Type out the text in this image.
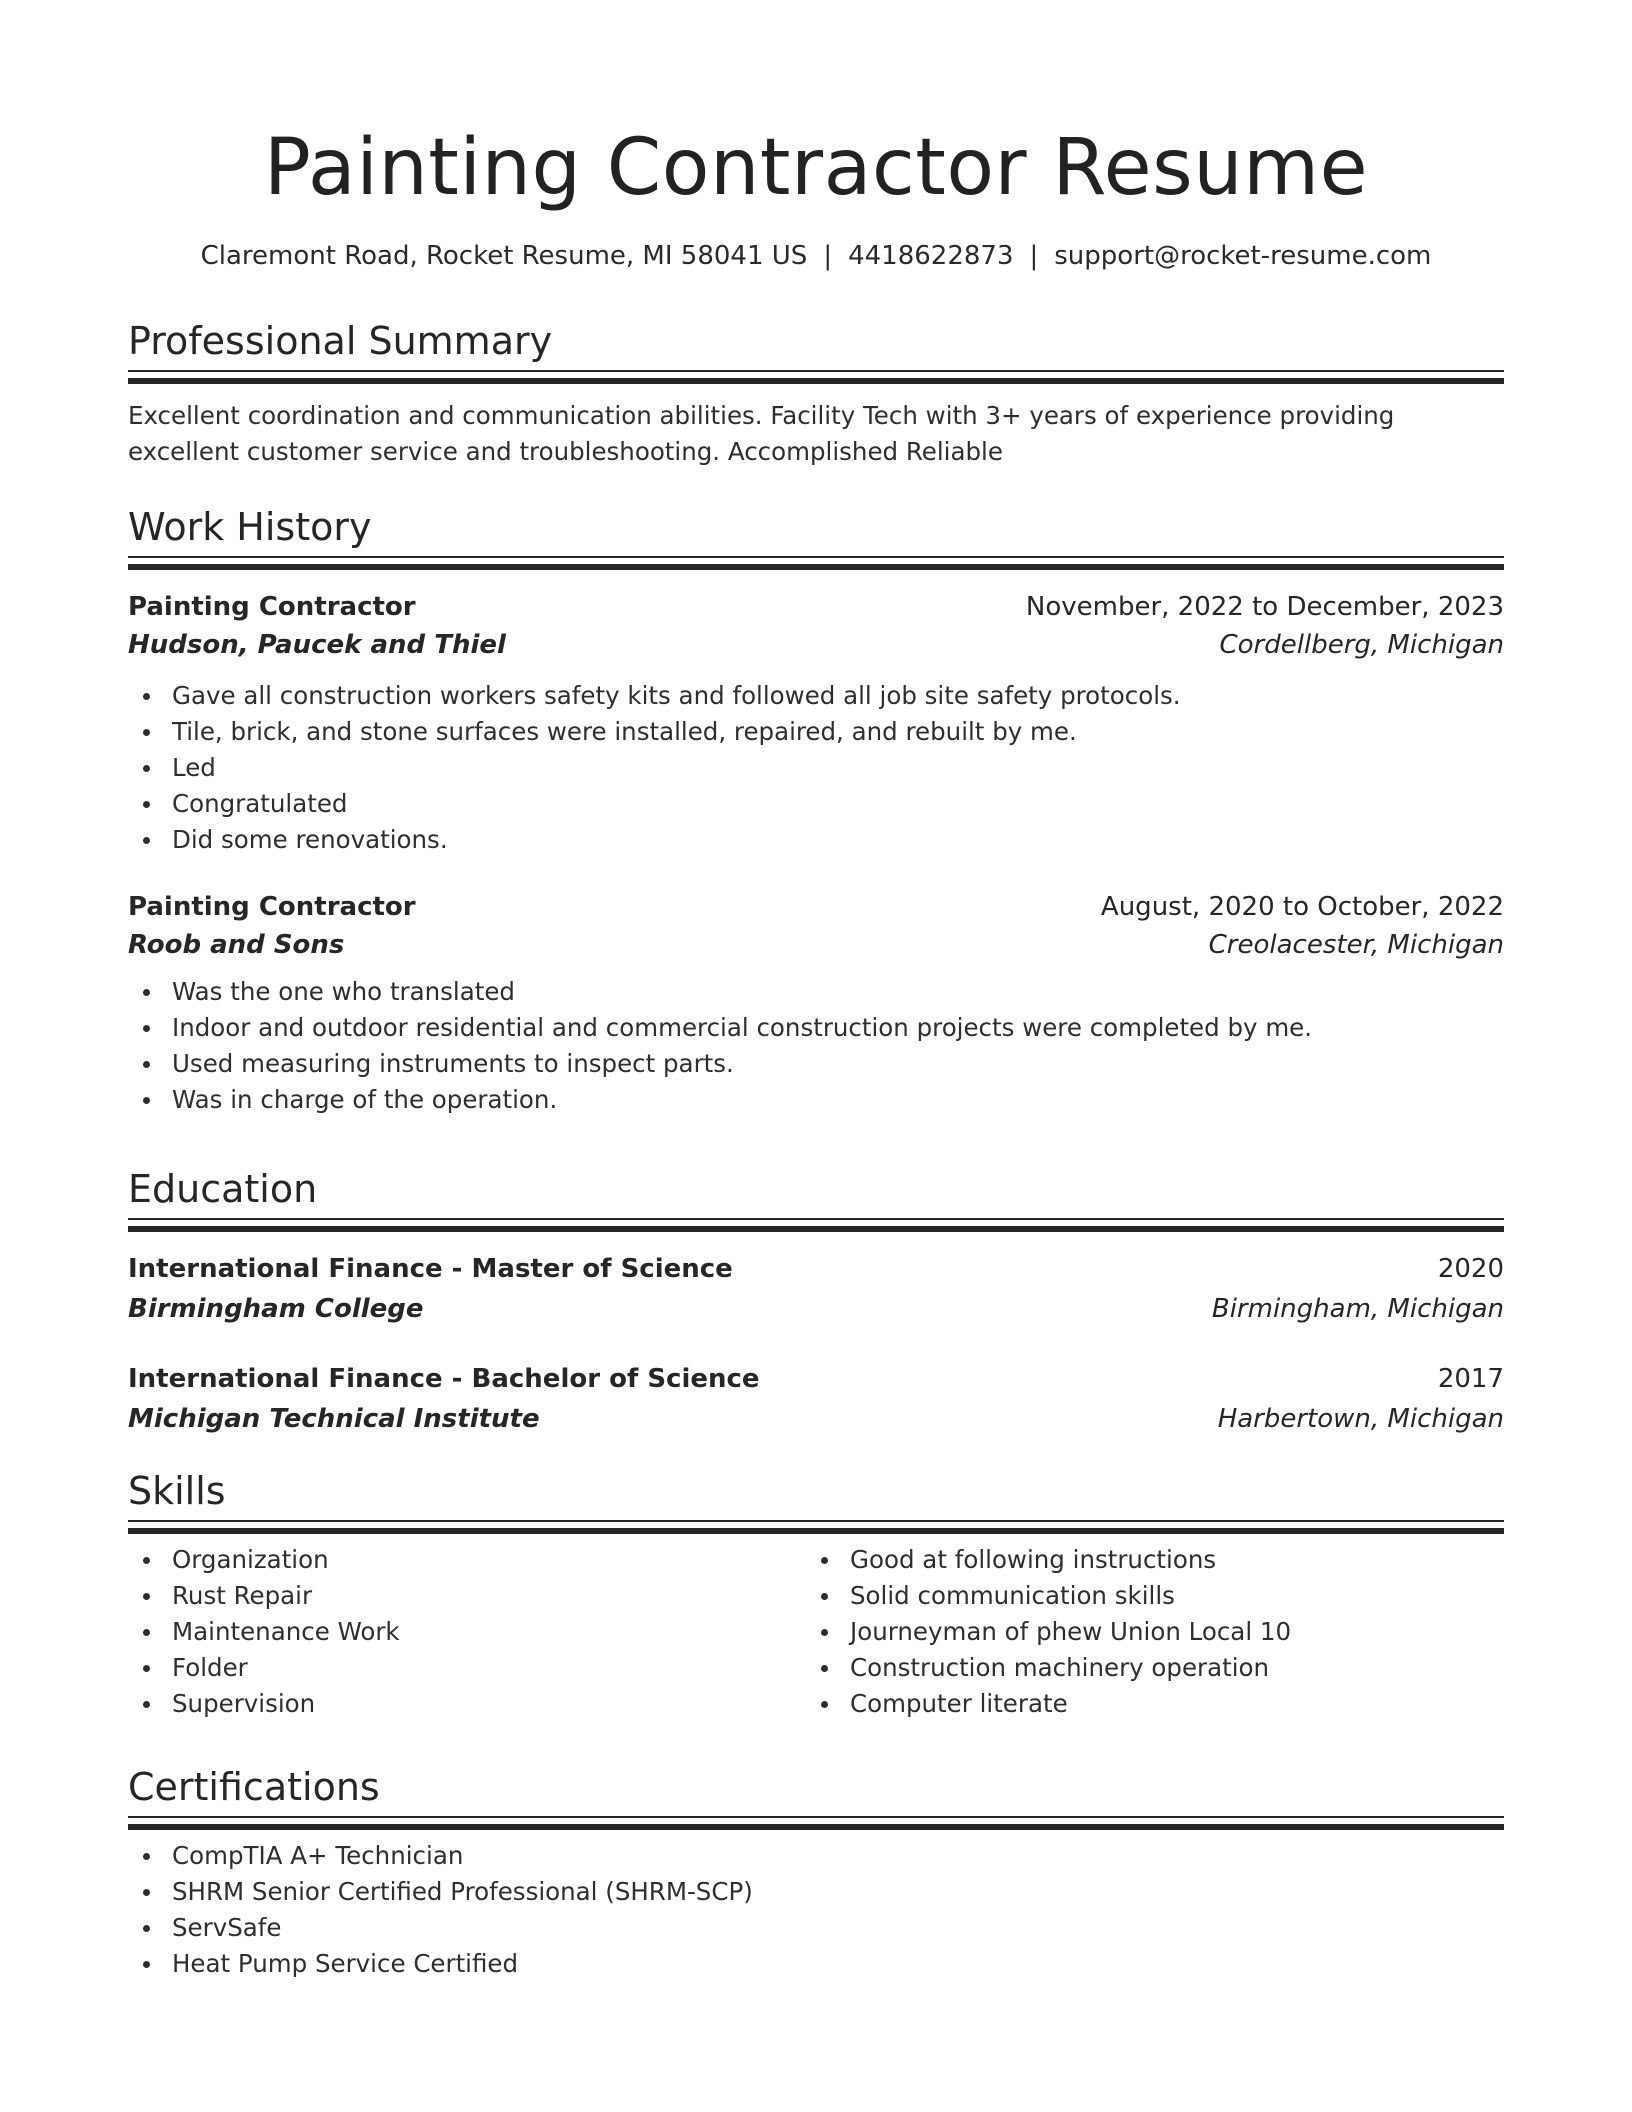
Painting Contractor Resume
Claremont Road, Rocket Resume, MI 58041 US | 4418622873 | support@rocket-resume.com
Professional Summary

Excellent coordination and communication abilities. Facility Tech with 3+ years of experience providing excellent customer service and troubleshooting. Accomplished Reliable

Work History
Painting Contractor	November, 2022 to December, 2023
Hudson, Paucek and Thiel	Cordellberg, Michigan
Gave all construction workers safety kits and followed all job site safety protocols.
Tile, brick, and stone surfaces were installed, repaired, and rebuilt by me.
Led
Congratulated
Did some renovations.
Painting Contractor	August, 2020 to October, 2022
Roob and Sons	Creolacester, Michigan
Was the one who translated
Indoor and outdoor residential and commercial construction projects were completed by me.
Used measuring instruments to inspect parts.
Was in charge of the operation.
Education
International Finance - Master of Science	2020
Birmingham College	Birmingham, Michigan
International Finance - Bachelor of Science	2017
Michigan Technical Institute	Harbertown, Michigan
Skills
Organization
Rust Repair
Maintenance Work
Folder
Supervision
Good at following instructions
Solid communication skills
Journeyman of phew Union Local 10
Construction machinery operation
Computer literate
Certifications
CompTIA A+ Technician
SHRM Senior Certified Professional (SHRM-SCP)
ServSafe
Heat Pump Service Certified
